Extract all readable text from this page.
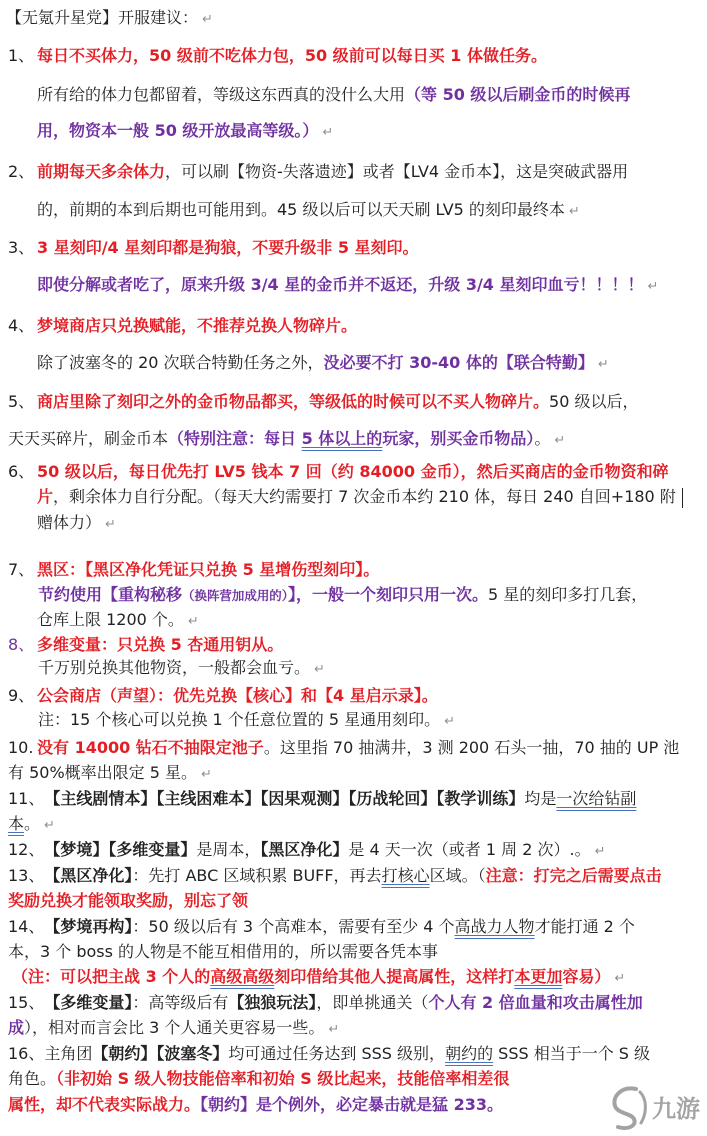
【无氪升星党】开服建议： ↵
1、 每日不买体力，50 级前不吃体力包，50 级前可以每日买 1 体做任务。
所有给的体力包都留着，等级这东西真的没什么大用（等 50 级以后刷金币的时候再
用，物资本一般 50 级开放最高等级。） ↵
2、 前期每天多余体力，可以刷【物资-失落遗迹】或者【LV4 金币本】，这是突破武器用
的，前期的本到后期也可能用到。45 级以后可以天天刷 LV5 的刻印最终本 ↵
3、 3 星刻印/4 星刻印都是狗狼，不要升级非 5 星刻印。
即使分解或者吃了，原来升级 3/4 星的金币并不返还，升级 3/4 星刻印血亏！！！！ ↵
4、 梦境商店只兑换赋能，不推荐兑换人物碎片。
除了波塞冬的 20 次联合特勤任务之外，没必要不打 30-40 体的【联合特勤】 ↵
5、 商店里除了刻印之外的金币物品都买，等级低的时候可以不买人物碎片。50 级以后，
天天买碎片，刷金币本（特别注意：每日 5 体以上的玩家，别买金币物品）。 ↵
6、 50 级以后，每日优先打 LV5 钱本 7 回（约 84000 金币），然后买商店的金币物资和碎
片，剩余体力自行分配。（每天大约需要打 7 次金币本约 210 体，每日 240 自回+180 附
赠体力） ↵
7、 黑区：【黑区净化凭证只兑换 5 星增伤型刻印】。
节约使用【重构秘移（换阵营加成用的）】，一般一个刻印只用一次。5 星的刻印多打几套，
仓库上限 1200 个。 ↵
8、 多维变量：只兑换 5 杏通用钥从。
千万别兑换其他物资，一般都会血亏。 ↵
9、 公会商店（声望）：优先兑换【核心】和【4 星启示录】。
注：15 个核心可以兑换 1 个任意位置的 5 星通用刻印。 ↵
10. 没有 14000 钻石不抽限定池子。这里指 70 抽满井，3 测 200 石头一抽，70 抽的 UP 池
有 50%概率出限定 5 星。 ↵
11、【主线剧情本】【主线困难本】【因果观测】【历战轮回】【教学训练】均是一次给钻副
本。 ↵
12、【梦境】【多维变量】是周本，【黑区净化】是 4 天一次（或者 1 周 2 次）.。 ↵
13、【黑区净化】：先打 ABC 区域积累 BUFF，再去打核心区域。（注意：打完之后需要点击
奖励兑换才能领取奖励，别忘了领
14、【梦境再构】：50 级以后有 3 个高难本，需要有至少 4 个高战力人物才能打通 2 个
本，3 个 boss 的人物是不能互相借用的，所以需要各凭本事
（注：可以把主战 3 个人的高级高级刻印借给其他人提高属性，这样打本更加容易） ↵
15、【多维变量】：高等级后有【独狼玩法】，即单挑通关（个人有 2 倍血量和攻击属性加
成），相对而言会比 3 个人通关更容易一些。 ↵
16、主角团【朝约】【波塞冬】均可通过任务达到 SSS 级别，朝约的 SSS 相当于一个 S 级
角色。（非初始 S 级人物技能倍率和初始 S 级比起来，技能倍率相差很
属性，却不代表实际战力。【朝约】是个例外，必定暴击就是猛 233。	九游
